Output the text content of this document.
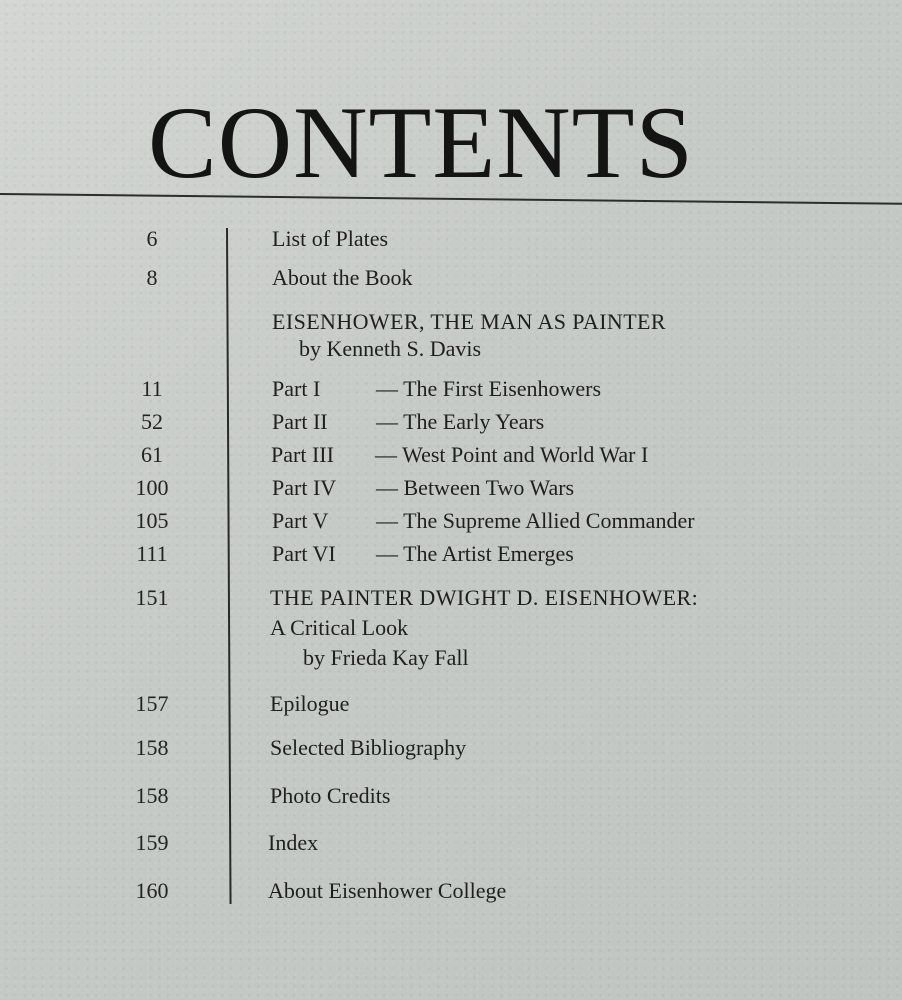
CONTENTS
6	List of Plates
8	About the Book
EISENHOWER, THE MAN AS PAINTER
by Kenneth S. Davis
11	Part I	— The First Eisenhowers
52	Part II — The Early Years
61	Part III — West Point and World War I
100	Part IV — Between Two Wars
105	Part V — The Supreme Allied Commander
111	Part VI — The Artist Emerges
151	THE PAINTER DWIGHT D. EISENHOWER:
A Critical Look
by Frieda Kay Fall
157	Epilogue
158	Selected Bibliography
158	Photo Credits
159	Index
160	About Eisenhower College
